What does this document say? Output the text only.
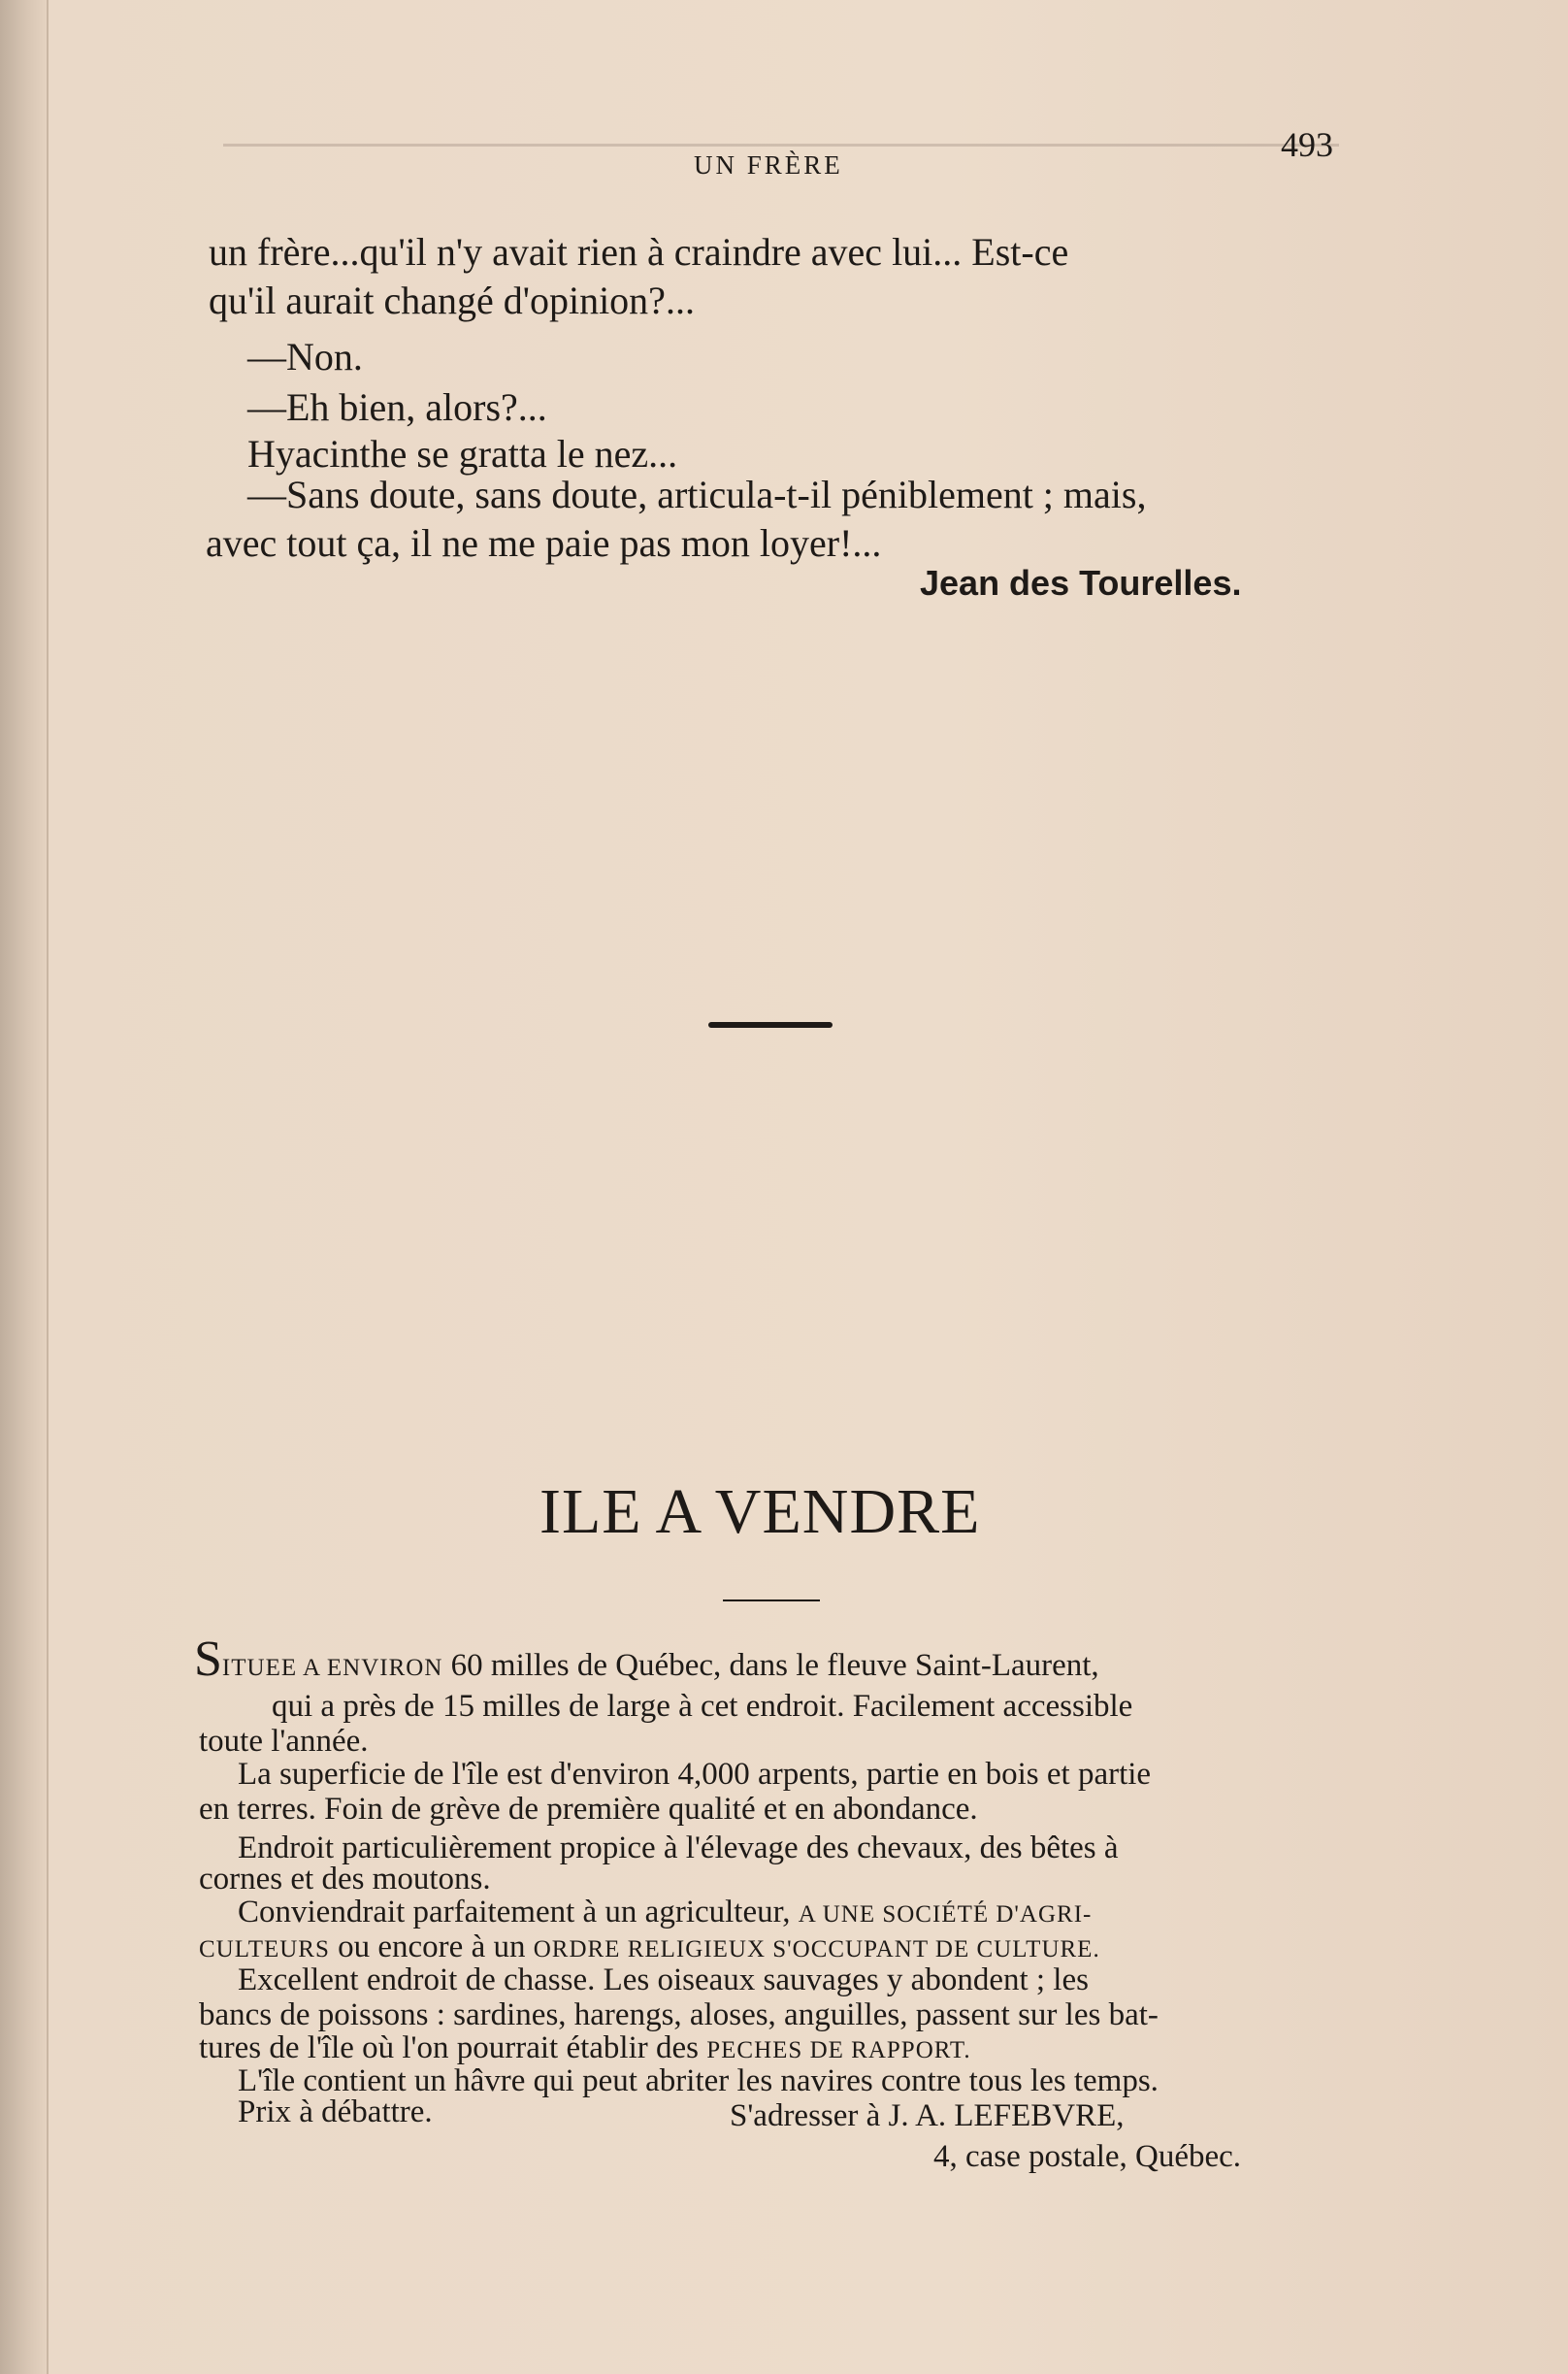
UN FRÈRE
493
un frère...qu'il n'y avait rien à craindre avec lui... Est-ce
qu'il aurait changé d'opinion?...
—Non.
—Eh bien, alors?...
Hyacinthe se gratta le nez...
—Sans doute, sans doute, articula-t-il péniblement ; mais,
avec tout ça, il ne me paie pas mon loyer!...
Jean des Tourelles.
ILE A VENDRE
SITUEE A ENVIRON 60 milles de Québec, dans le fleuve Saint-Laurent,
qui a près de 15 milles de large à cet endroit. Facilement accessible
toute l'année.
La superficie de l'île est d'environ 4,000 arpents, partie en bois et partie
en terres. Foin de grève de première qualité et en abondance.
Endroit particulièrement propice à l'élevage des chevaux, des bêtes à
cornes et des moutons.
Conviendrait parfaitement à un agriculteur, A UNE SOCIÉTÉ D'AGRI-
CULTEURS ou encore à un ORDRE RELIGIEUX S'OCCUPANT DE CULTURE.
Excellent endroit de chasse. Les oiseaux sauvages y abondent ; les
bancs de poissons : sardines, harengs, aloses, anguilles, passent sur les bat-
tures de l'île où l'on pourrait établir des PECHES DE RAPPORT.
L'île contient un hâvre qui peut abriter les navires contre tous les temps.
Prix à débattre.	S'adresser à J. A. LEFEBVRE,
4, case postale, Québec.
